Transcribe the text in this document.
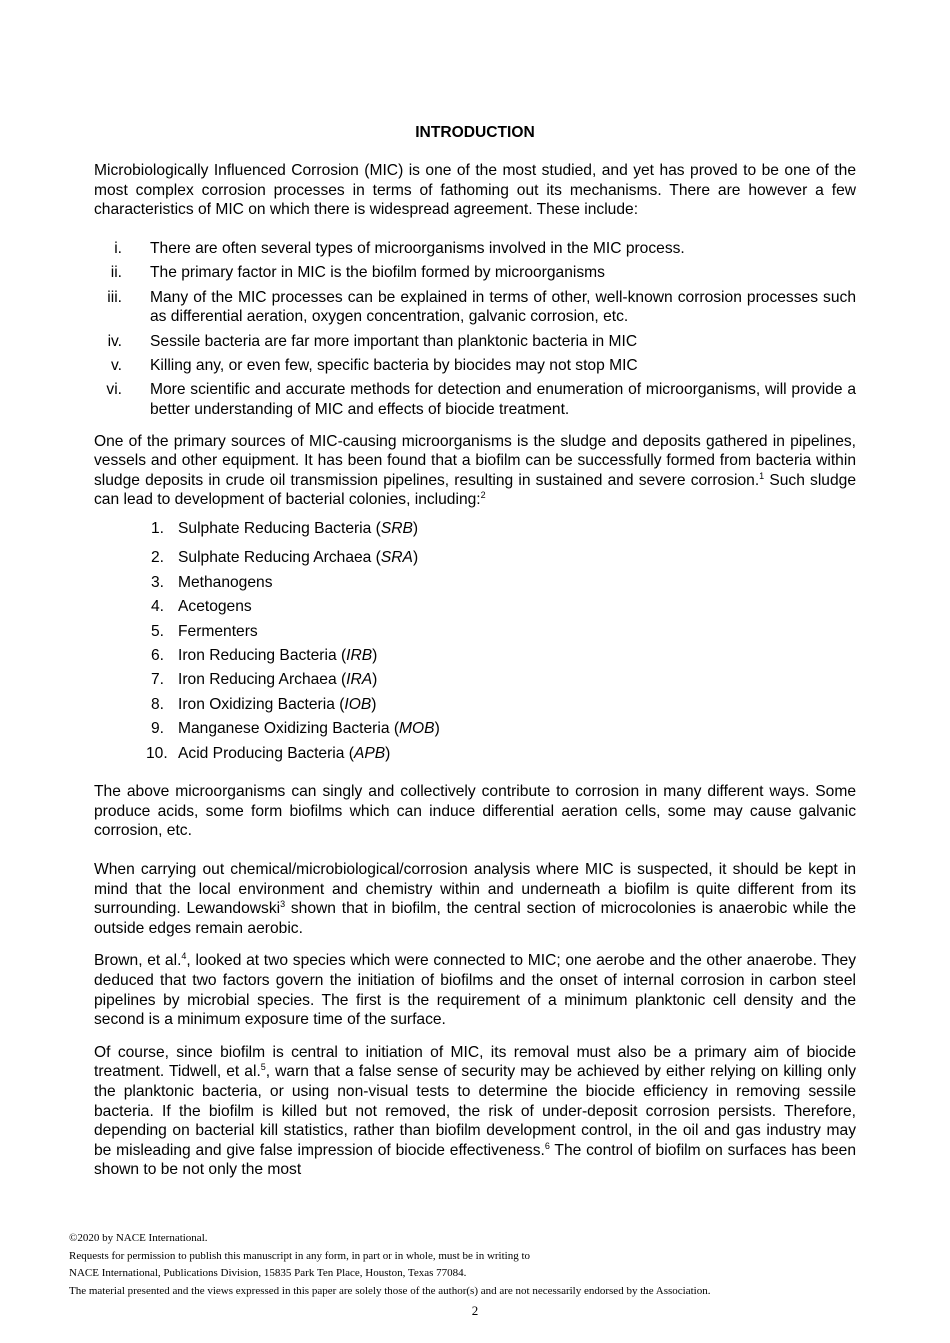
INTRODUCTION

Microbiologically Influenced Corrosion (MIC) is one of the most studied, and yet has proved to be one of the most complex corrosion processes in terms of fathoming out its mechanisms. There are however a few characteristics of MIC on which there is widespread agreement. These include:

i. There are often several types of microorganisms involved in the MIC process.
ii. The primary factor in MIC is the biofilm formed by microorganisms
iii. Many of the MIC processes can be explained in terms of other, well-known corrosion processes such as differential aeration, oxygen concentration, galvanic corrosion, etc.
iv. Sessile bacteria are far more important than planktonic bacteria in MIC
v. Killing any, or even few, specific bacteria by biocides may not stop MIC
vi. More scientific and accurate methods for detection and enumeration of microorganisms, will provide a better understanding of MIC and effects of biocide treatment.

One of the primary sources of MIC-causing microorganisms is the sludge and deposits gathered in pipelines, vessels and other equipment. It has been found that a biofilm can be successfully formed from bacteria within sludge deposits in crude oil transmission pipelines, resulting in sustained and severe corrosion.$^1$ Such sludge can lead to development of bacterial colonies, including:$^2$

1. Sulphate Reducing Bacteria (SRB)
2. Sulphate Reducing Archaea (SRA)
3. Methanogens
4. Acetogens
5. Fermenters
6. Iron Reducing Bacteria (IRB)
7. Iron Reducing Archaea (IRA)
8. Iron Oxidizing Bacteria (IOB)
9. Manganese Oxidizing Bacteria (MOB)
10. Acid Producing Bacteria (APB)

The above microorganisms can singly and collectively contribute to corrosion in many different ways. Some produce acids, some form biofilms which can induce differential aeration cells, some may cause galvanic corrosion, etc.

When carrying out chemical/microbiological/corrosion analysis where MIC is suspected, it should be kept in mind that the local environment and chemistry within and underneath a biofilm is quite different from its surrounding. Lewandowski$^3$ shown that in biofilm, the central section of microcolonies is anaerobic while the outside edges remain aerobic.

Brown, et al.$^4$, looked at two species which were connected to MIC; one aerobe and the other anaerobe. They deduced that two factors govern the initiation of biofilms and the onset of internal corrosion in carbon steel pipelines by microbial species. The first is the requirement of a minimum planktonic cell density and the second is a minimum exposure time of the surface.

Of course, since biofilm is central to initiation of MIC, its removal must also be a primary aim of biocide treatment. Tidwell, et al.$^5$, warn that a false sense of security may be achieved by either relying on killing only the planktonic bacteria, or using non-visual tests to determine the biocide efficiency in removing sessile bacteria. If the biofilm is killed but not removed, the risk of under-deposit corrosion persists. Therefore, depending on bacterial kill statistics, rather than biofilm development control, in the oil and gas industry may be misleading and give false impression of biocide effectiveness.$^6$ The control of biofilm on surfaces has been shown to be not only the most

©2020 by NACE International.
Requests for permission to publish this manuscript in any form, in part or in whole, must be in writing to
NACE International, Publications Division, 15835 Park Ten Place, Houston, Texas 77084.
The material presented and the views expressed in this paper are solely those of the author(s) and are not necessarily endorsed by the Association.
2
